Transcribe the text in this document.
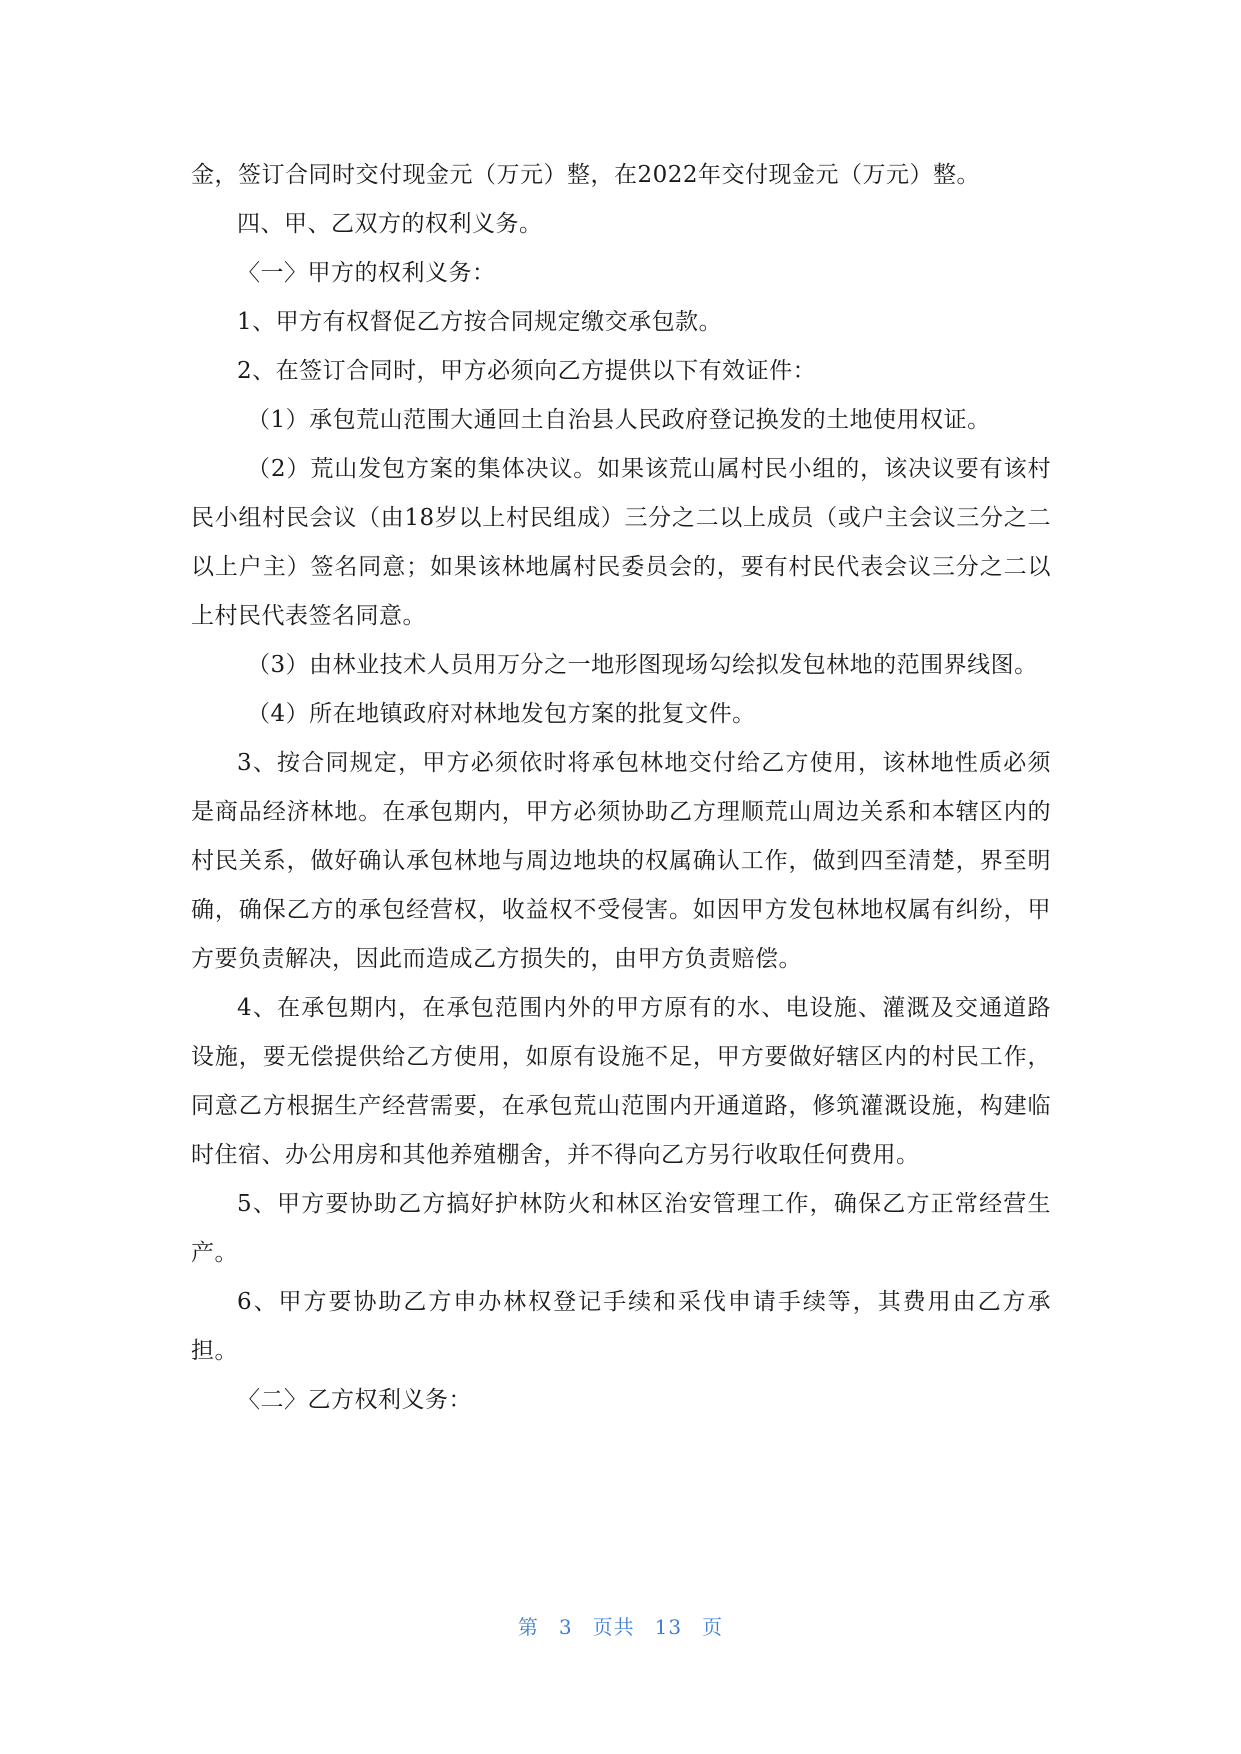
金，签订合同时交付现金元（万元）整，在2022年交付现金元（万元）整。

四、甲、乙双方的权利义务。

〈一〉甲方的权利义务：

1、甲方有权督促乙方按合同规定缴交承包款。

2、在签订合同时，甲方必须向乙方提供以下有效证件：

（1）承包荒山范围大通回土自治县人民政府登记换发的土地使用权证。

（2）荒山发包方案的集体决议。如果该荒山属村民小组的，该决议要有该村民小组村民会议（由18岁以上村民组成）三分之二以上成员（或户主会议三分之二以上户主）签名同意；如果该林地属村民委员会的，要有村民代表会议三分之二以上村民代表签名同意。

（3）由林业技术人员用万分之一地形图现场勾绘拟发包林地的范围界线图。

（4）所在地镇政府对林地发包方案的批复文件。

3、按合同规定，甲方必须依时将承包林地交付给乙方使用，该林地性质必须是商品经济林地。在承包期内，甲方必须协助乙方理顺荒山周边关系和本辖区内的村民关系，做好确认承包林地与周边地块的权属确认工作，做到四至清楚，界至明确，确保乙方的承包经营权，收益权不受侵害。如因甲方发包林地权属有纠纷，甲方要负责解决，因此而造成乙方损失的，由甲方负责赔偿。

4、在承包期内，在承包范围内外的甲方原有的水、电设施、灌溉及交通道路设施，要无偿提供给乙方使用，如原有设施不足，甲方要做好辖区内的村民工作，同意乙方根据生产经营需要，在承包荒山范围内开通道路，修筑灌溉设施，构建临时住宿、办公用房和其他养殖棚舍，并不得向乙方另行收取任何费用。

5、甲方要协助乙方搞好护林防火和林区治安管理工作，确保乙方正常经营生产。

6、甲方要协助乙方申办林权登记手续和采伐申请手续等，其费用由乙方承担。

〈二〉乙方权利义务：

第 3 页共 13 页
